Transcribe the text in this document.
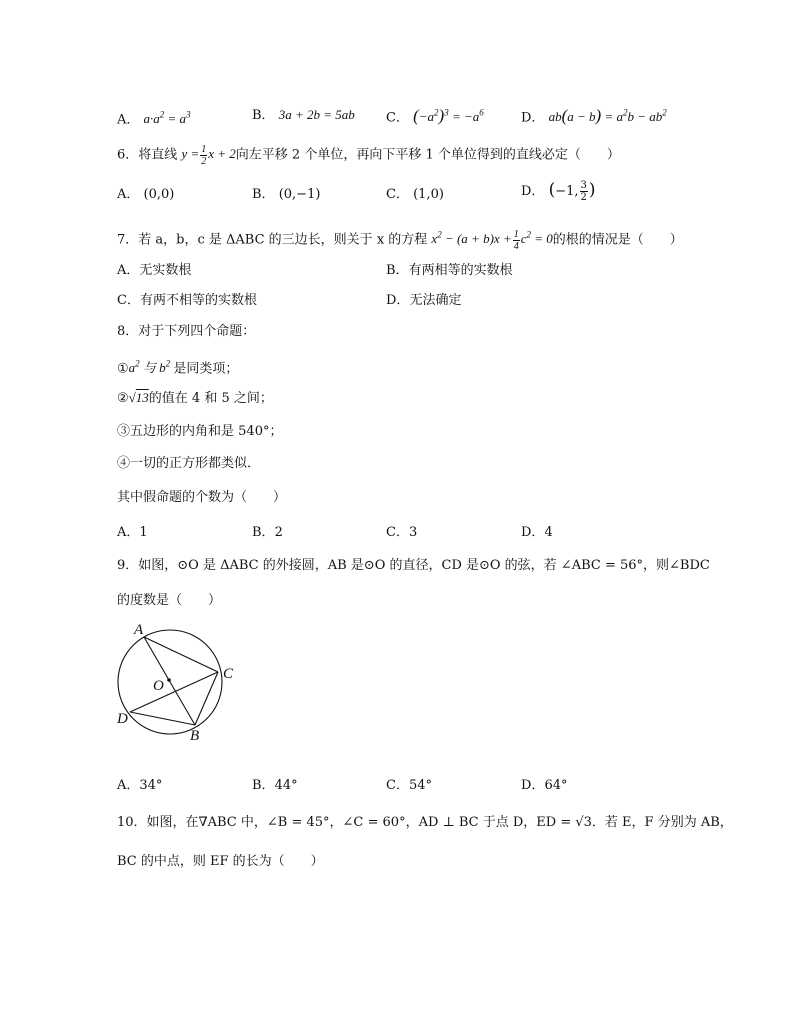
A． $a\cdot a^2 = a^3$	B． 3a + 2b = 5ab C． $(-a^2)^3 = -a^6$	D． $ab(a - b) = a^2b - ab^2$
6．将直线 $y = \frac{1}{2}$ x + 2向左平移 2 个单位，再向下平移 1 个单位得到的直线必定（　　）
A． (0,0)	B． (0,−1)	C． (1,0)	D． (−1, $\frac{3}{2}$ )
7．若 a，b，c 是 ΔABC 的三边长，则关于 x 的方程 $x^2 - (a + b)x + \frac{1}{4} c^2 = 0$的根的情况是（　　）
A．无实数根	B．有两相等的实数根
C．有两不相等的实数根	D．无法确定
8．对于下列四个命题：
$①a^2$ 与 $b^2$ 是同类项；
②√13的值在 4 和 5 之间；
③五边形的内角和是 540°；
④一切的正方形都类似．
其中假命题的个数为（　　）
A．1	B．2	C．3	D．4
9．如图，⊙O 是 ΔABC 的外接圆，AB 是⊙O 的直径，CD 是⊙O 的弦，若 ∠ABC = 56°，则∠BDC
的度数是（　　）
A
O
C
D
B
A．34°	B．44°	C．54°	D．64°
10．如图，在∇ABC 中，∠B = 45°，∠C = 60°，AD ⊥ BC 于点 D，ED = √3．若 E，F 分别为 AB，
BC 的中点，则 EF 的长为（　　）
